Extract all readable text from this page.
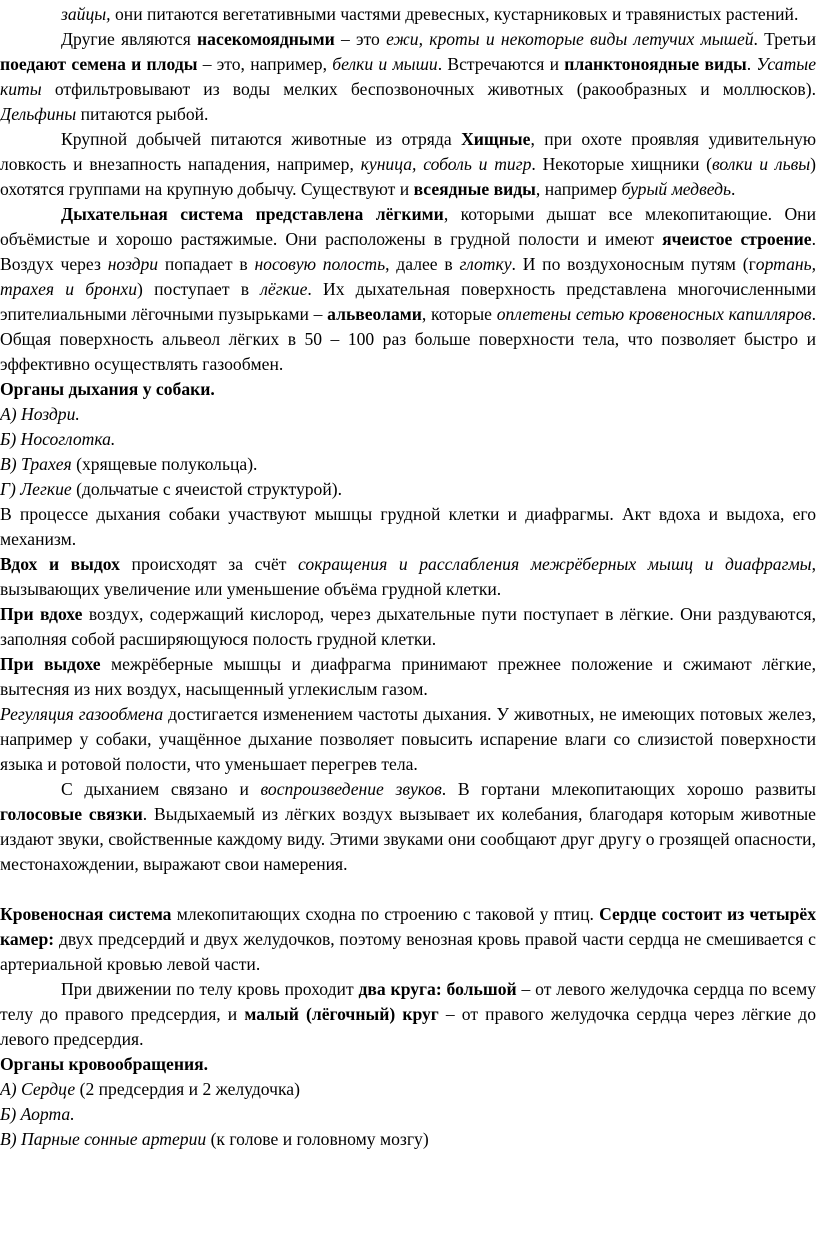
зайцы, они питаются вегетативными частями древесных, кустарниковых и травянистых растений.

Другие являются насекомоядными – это ежи, кроты и некоторые виды летучих мышей. Третьи поедают семена и плоды – это, например, белки и мыши. Встречаются и планктоноядные виды. Усатые киты отфильтровывают из воды мелких беспозвоночных животных (ракообразных и моллюсков). Дельфины питаются рыбой.

Крупной добычей питаются животные из отряда Хищные, при охоте проявляя удивительную ловкость и внезапность нападения, например, куница, соболь и тигр. Некоторые хищники (волки и львы) охотятся группами на крупную добычу. Существуют и всеядные виды, например бурый медведь.

Дыхательная система представлена лёгкими, которыми дышат все млекопитающие. Они объёмистые и хорошо растяжимые. Они расположены в грудной полости и имеют ячеистое строение. Воздух через ноздри попадает в носовую полость, далее в глотку. И по воздухоносным путям (гортань, трахея и бронхи) поступает в лёгкие. Их дыхательная поверхность представлена многочисленными эпителиальными лёгочными пузырьками – альвеолами, которые оплетены сетью кровеносных капилляров. Общая поверхность альвеол лёгких в 50 – 100 раз больше поверхности тела, что позволяет быстро и эффективно осуществлять газообмен.

Органы дыхания у собаки.

А) Ноздри.

Б) Носоглотка.

В) Трахея (хрящевые полукольца).

Г) Легкие (дольчатые с ячеистой структурой).

В процессе дыхания собаки участвуют мышцы грудной клетки и диафрагмы. Акт вдоха и выдоха, его механизм.

Вдох и выдох происходят за счёт сокращения и расслабления межрёберных мышц и диафрагмы, вызывающих увеличение или уменьшение объёма грудной клетки.

При вдохе воздух, содержащий кислород, через дыхательные пути поступает в лёгкие. Они раздуваются, заполняя собой расширяющуюся полость грудной клетки.

При выдохе межрёберные мышцы и диафрагма принимают прежнее положение и сжимают лёгкие, вытесняя из них воздух, насыщенный углекислым газом.

Регуляция газообмена достигается изменением частоты дыхания. У животных, не имеющих потовых желез, например у собаки, учащённое дыхание позволяет повысить испарение влаги со слизистой поверхности языка и ротовой полости, что уменьшает перегрев тела.

С дыханием связано и воспроизведение звуков. В гортани млекопитающих хорошо развиты голосовые связки. Выдыхаемый из лёгких воздух вызывает их колебания, благодаря которым животные издают звуки, свойственные каждому виду. Этими звуками они сообщают друг другу о грозящей опасности, местонахождении, выражают свои намерения.

Кровеносная система млекопитающих сходна по строению с таковой у птиц. Сердце состоит из четырёх камер: двух предсердий и двух желудочков, поэтому венозная кровь правой части сердца не смешивается с артериальной кровью левой части.

При движении по телу кровь проходит два круга: большой – от левого желудочка сердца по всему телу до правого предсердия, и малый (лёгочный) круг – от правого желудочка сердца через лёгкие до левого предсердия.

Органы кровообращения.

А) Сердце (2 предсердия и 2 желудочка)

Б) Аорта.

В) Парные сонные артерии (к голове и головному мозгу)
